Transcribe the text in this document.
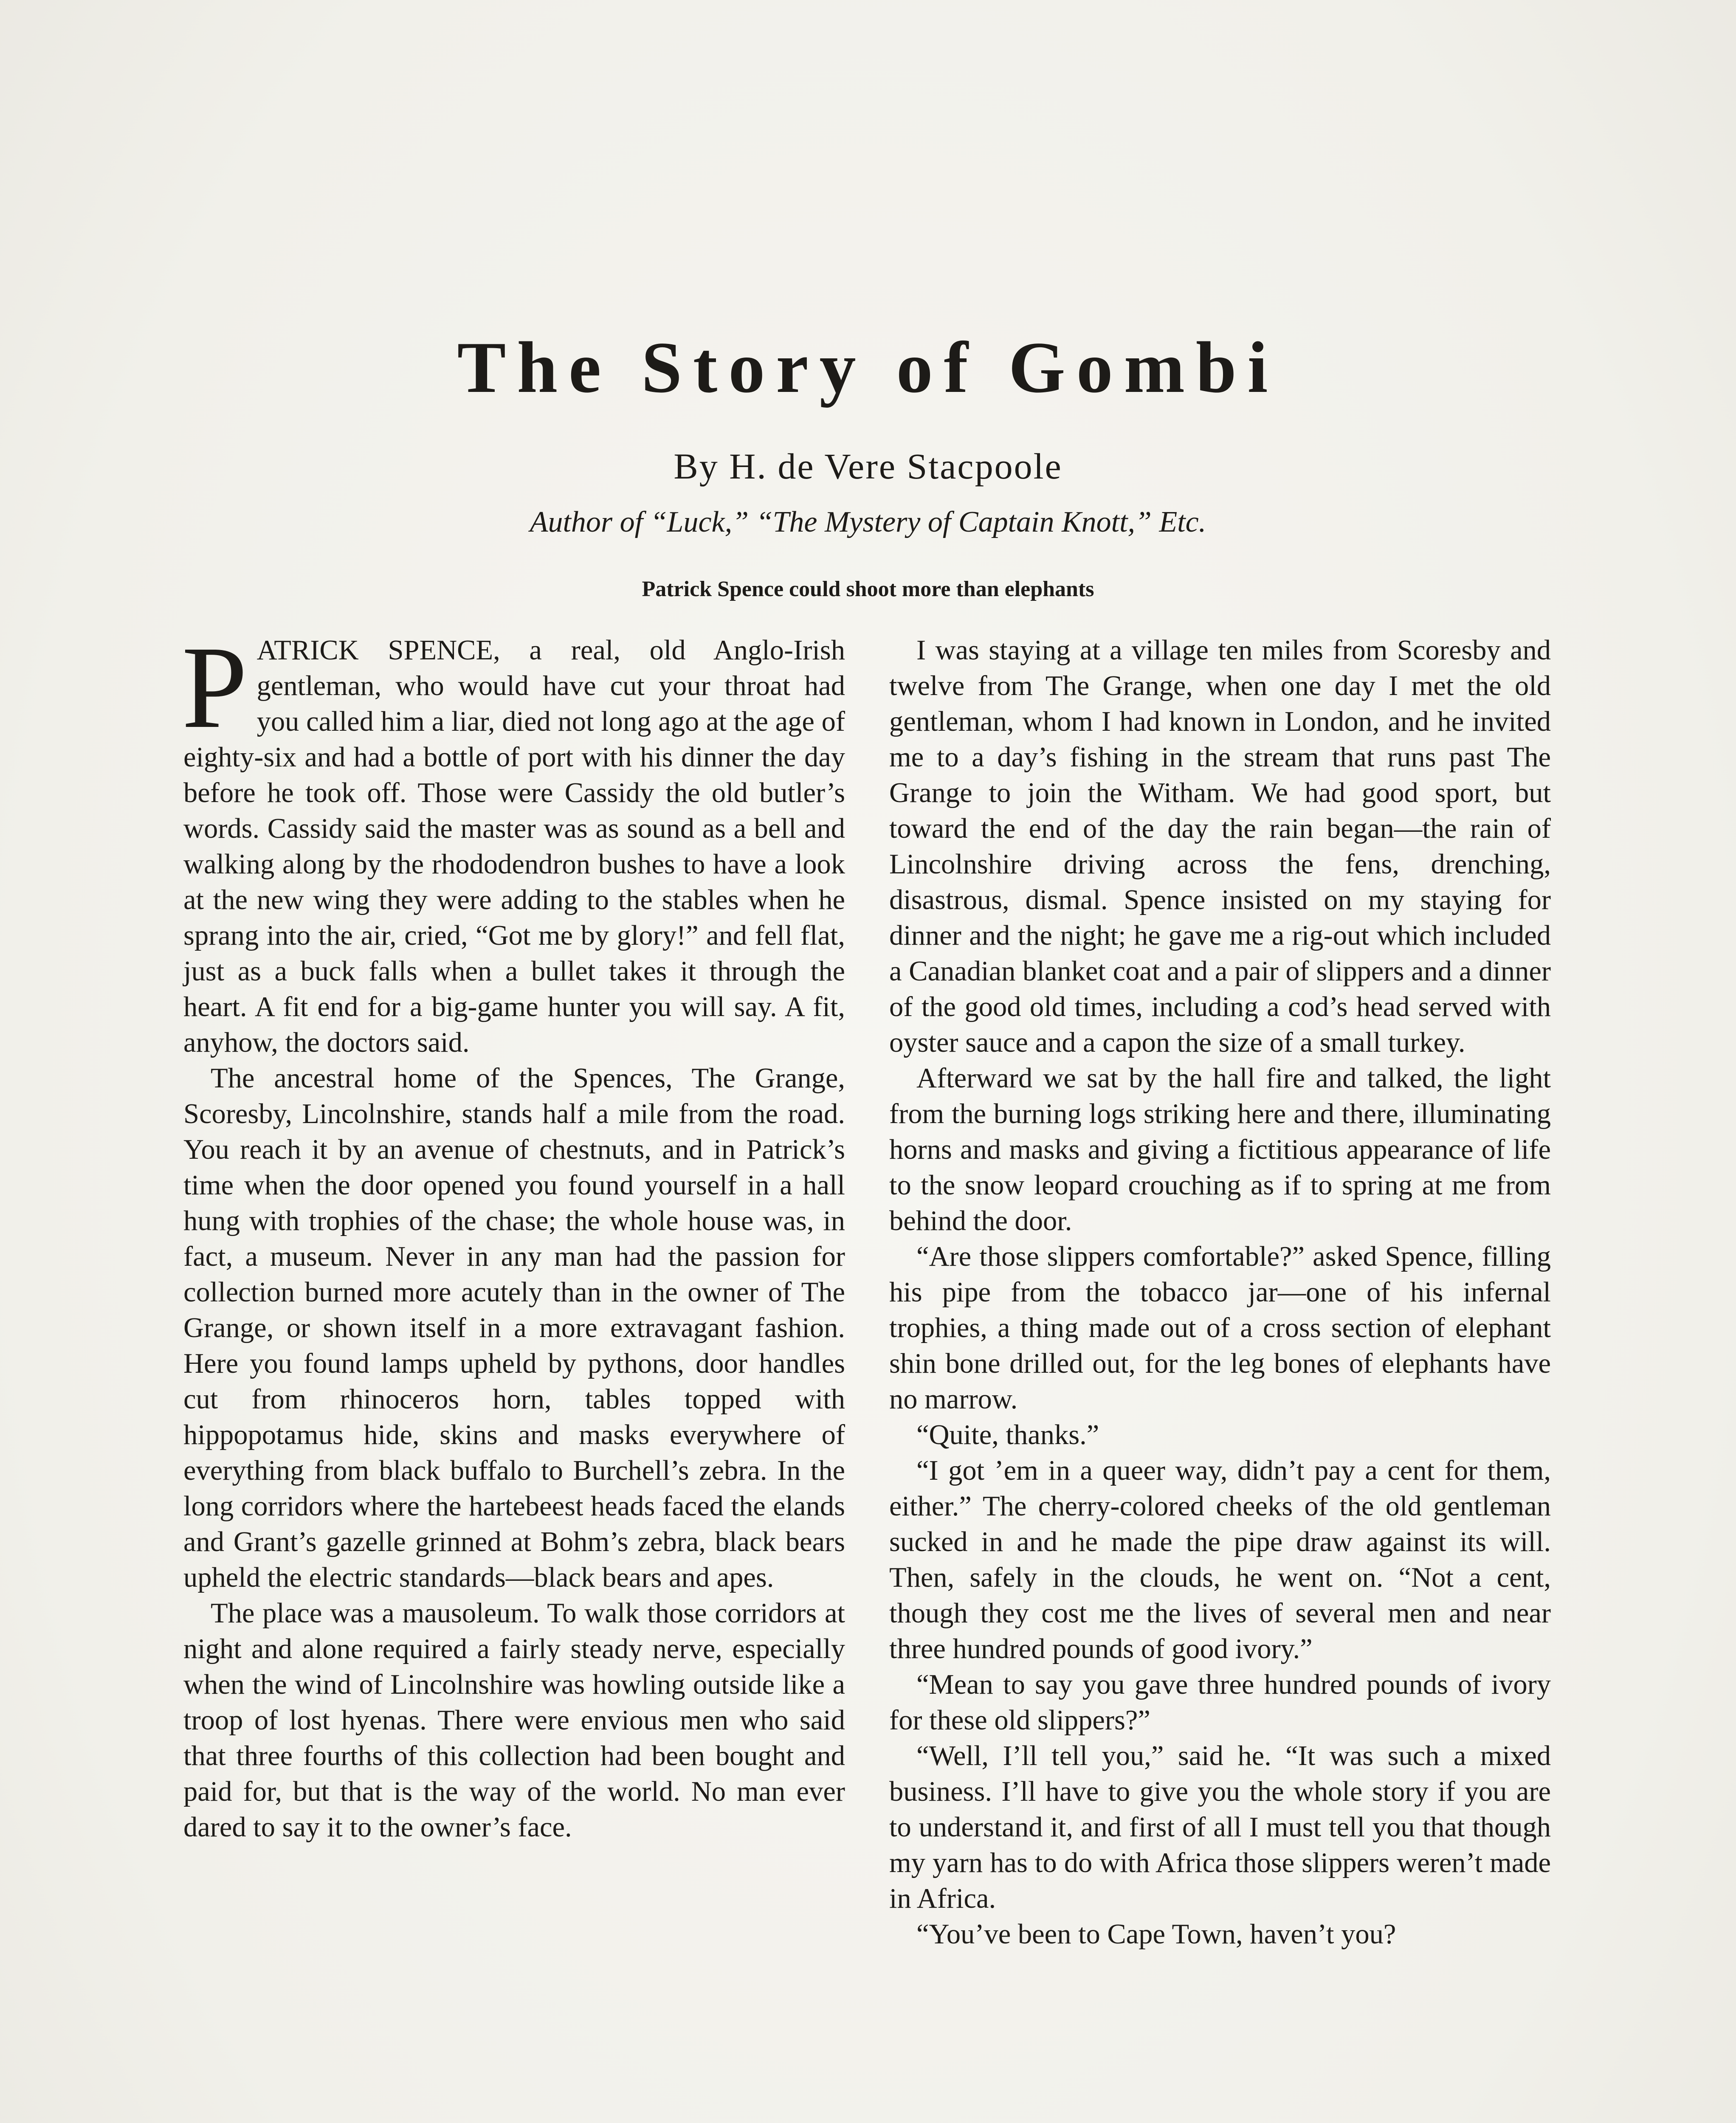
The Story of Gombi
By H. de Vere Stacpoole
Author of “Luck,” “The Mystery of Captain Knott,” Etc.
Patrick Spence could shoot more than elephants

PATRICK SPENCE, a real, old Anglo-Irish gentleman, who would have cut your throat had you called him a liar, died not long ago at the age of eighty-six and had a bottle of port with his dinner the day before he took off. Those were Cassidy the old butler’s words. Cassidy said the master was as sound as a bell and walking along by the rhododendron bushes to have a look at the new wing they were adding to the stables when he sprang into the air, cried, “Got me by glory!” and fell flat, just as a buck falls when a bullet takes it through the heart. A fit end for a big-game hunter you will say. A fit, anyhow, the doctors said.

The ancestral home of the Spences, The Grange, Scoresby, Lincolnshire, stands half a mile from the road. You reach it by an avenue of chestnuts, and in Patrick’s time when the door opened you found yourself in a hall hung with trophies of the chase; the whole house was, in fact, a museum. Never in any man had the passion for collection burned more acutely than in the owner of The Grange, or shown itself in a more extravagant fashion. Here you found lamps upheld by pythons, door handles cut from rhinoceros horn, tables topped with hippopotamus hide, skins and masks everywhere of everything from black buffalo to Burchell’s zebra. In the long corridors where the hartebeest heads faced the elands and Grant’s gazelle grinned at Bohm’s zebra, black bears upheld the electric standards—black bears and apes.

The place was a mausoleum. To walk those corridors at night and alone required a fairly steady nerve, especially when the wind of Lincolnshire was howling outside like a troop of lost hyenas. There were envious men who said that three fourths of this collection had been bought and paid for, but that is the way of the world. No man ever dared to say it to the owner’s face.

I was staying at a village ten miles from Scoresby and twelve from The Grange, when one day I met the old gentleman, whom I had known in London, and he invited me to a day’s fishing in the stream that runs past The Grange to join the Witham. We had good sport, but toward the end of the day the rain began—the rain of Lincolnshire driving across the fens, drenching, disastrous, dismal. Spence insisted on my staying for dinner and the night; he gave me a rig-out which included a Canadian blanket coat and a pair of slippers and a dinner of the good old times, including a cod’s head served with oyster sauce and a capon the size of a small turkey.

Afterward we sat by the hall fire and talked, the light from the burning logs striking here and there, illuminating horns and masks and giving a fictitious appearance of life to the snow leopard crouching as if to spring at me from behind the door.

“Are those slippers comfortable?” asked Spence, filling his pipe from the tobacco jar—one of his infernal trophies, a thing made out of a cross section of elephant shin bone drilled out, for the leg bones of elephants have no marrow.

“Quite, thanks.”

“I got ’em in a queer way, didn’t pay a cent for them, either.” The cherry-colored cheeks of the old gentleman sucked in and he made the pipe draw against its will. Then, safely in the clouds, he went on. “Not a cent, though they cost me the lives of several men and near three hundred pounds of good ivory.”

“Mean to say you gave three hundred pounds of ivory for these old slippers?”

“Well, I’ll tell you,” said he. “It was such a mixed business. I’ll have to give you the whole story if you are to understand it, and first of all I must tell you that though my yarn has to do with Africa those slippers weren’t made in Africa.

“You’ve been to Cape Town, haven’t you?
